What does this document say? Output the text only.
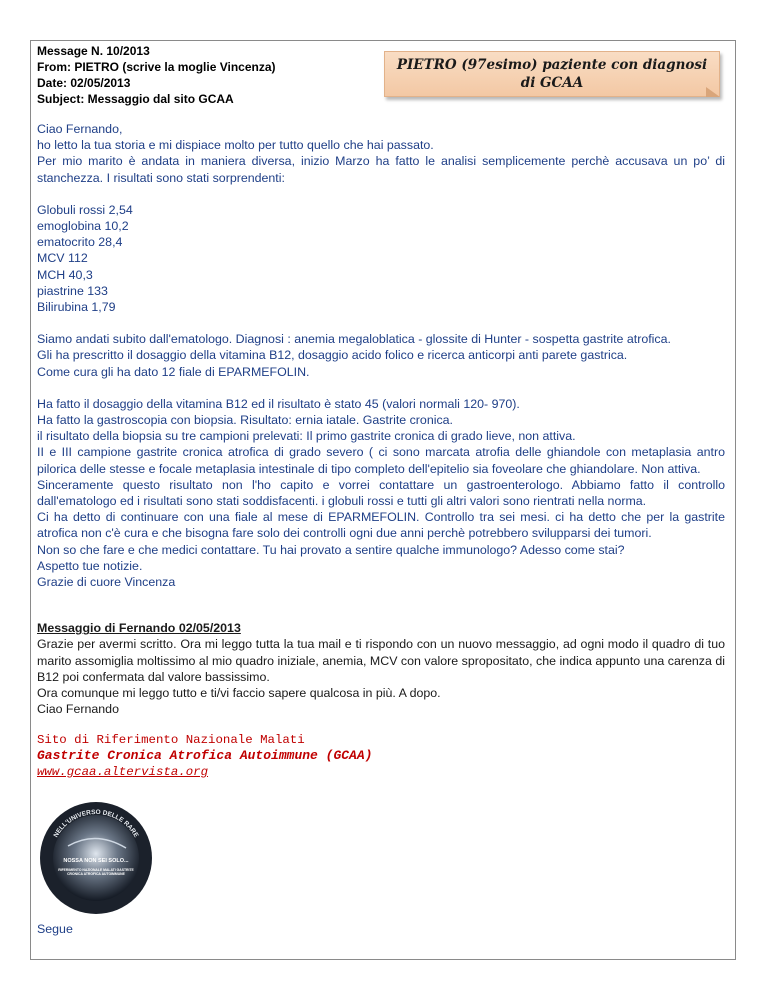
Message N. 10/2013
From: PIETRO (scrive la moglie Vincenza)
Date: 02/05/2013
Subject: Messaggio dal sito GCAA
PIETRO (97esimo) paziente con diagnosi di GCAA

Ciao Fernando,

ho letto la tua storia e mi dispiace molto per tutto quello che hai passato.

Per mio marito è andata in maniera diversa, inizio Marzo ha fatto le analisi semplicemente perchè accusava un po’ di stanchezza. I risultati sono stati sorprendenti:

Globuli rossi 2,54

emoglobina 10,2

ematocrito 28,4

MCV 112

MCH 40,3

piastrine 133

Bilirubina 1,79

Siamo andati subito dall'ematologo. Diagnosi : anemia megaloblatica - glossite di Hunter - sospetta gastrite atrofica.

Gli ha prescritto il dosaggio della vitamina B12, dosaggio acido folico e ricerca anticorpi anti parete gastrica.

Come cura gli ha dato 12 fiale di EPARMEFOLIN.

Ha fatto il dosaggio della vitamina B12 ed il risultato è stato 45 (valori normali 120- 970).

Ha fatto la gastroscopia con biopsia. Risultato: ernia iatale. Gastrite cronica.

il risultato della biopsia su tre campioni prelevati: Il primo gastrite cronica di grado lieve, non attiva.

II e III campione gastrite cronica atrofica di grado severo ( ci sono marcata atrofia delle ghiandole con metaplasia antro pilorica delle stesse e focale metaplasia intestinale di tipo completo dell'epitelio sia foveolare che ghiandolare. Non attiva.

Sinceramente questo risultato non l'ho capito e vorrei contattare un gastroenterologo. Abbiamo fatto il controllo dall'ematologo ed i risultati sono stati soddisfacenti. i globuli rossi e tutti gli altri valori sono rientrati nella norma.

Ci ha detto di continuare con una fiale al mese di EPARMEFOLIN. Controllo tra sei mesi. ci ha detto che per la gastrite atrofica non c'è cura e che bisogna fare solo dei controlli ogni due anni perchè potrebbero svilupparsi dei tumori.

Non so che fare e che medici contattare. Tu hai provato a sentire qualche immunologo? Adesso come stai?

Aspetto tue notizie.

Grazie di cuore Vincenza

Messaggio di Fernando 02/05/2013

Grazie per avermi scritto. Ora mi leggo tutta la tua mail e ti rispondo con un nuovo messaggio, ad ogni modo il quadro di tuo marito assomiglia moltissimo al mio quadro iniziale, anemia, MCV con valore spropositato, che indica appunto una carenza di B12 poi confermata dal valore bassissimo.

Ora comunque mi leggo tutto e ti/vi faccio sapere qualcosa in più. A dopo.

Ciao Fernando

Sito di Riferimento Nazionale Malati
Gastrite Cronica Atrofica Autoimmune (GCAA)
www.gcaa.altervista.org
NELL'UNIVERSO DELLE RARE
NOSSA NON SEI SOLO...
RIFERIMENTO NAZIONALE MALATI GASTRITE CRONICA ATROFICA AUTOIMMUNE
Segue
